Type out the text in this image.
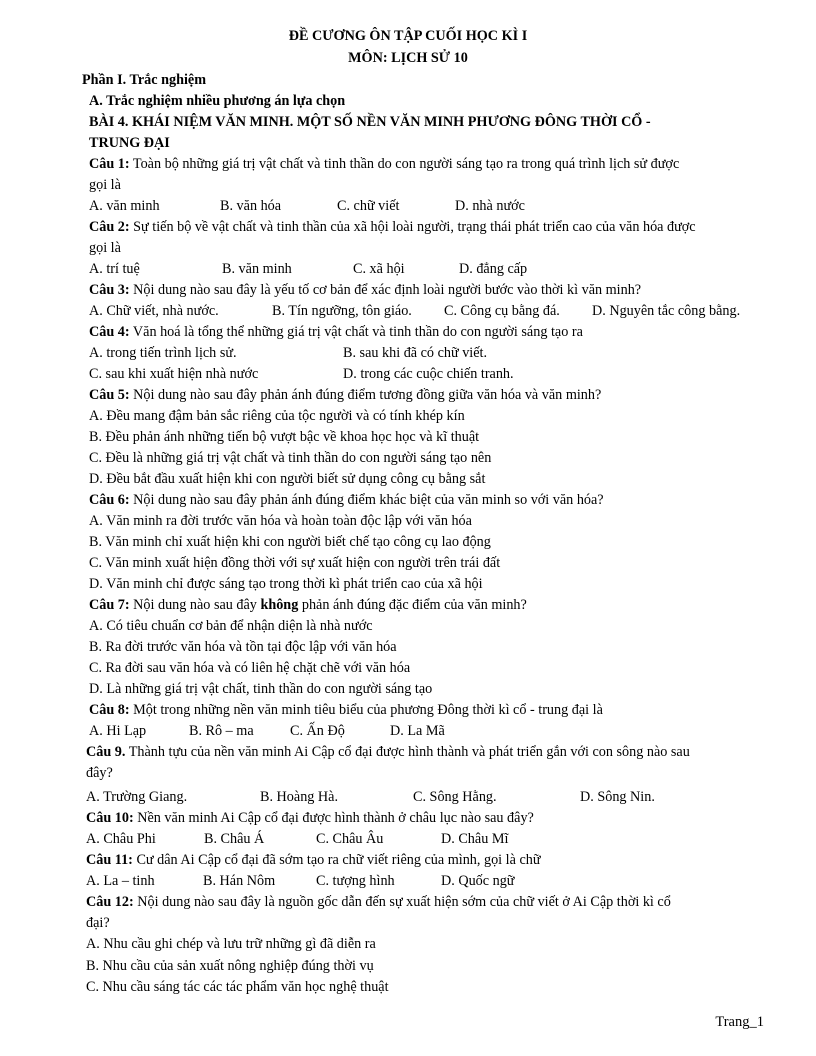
ĐỀ CƯƠNG ÔN TẬP CUỐI HỌC KÌ I
MÔN: LỊCH SỬ 10
Phần I. Trắc nghiệm
A. Trắc nghiệm nhiều phương án lựa chọn
BÀI 4. KHÁI NIỆM VĂN MINH. MỘT SỐ NỀN VĂN MINH PHƯƠNG ĐÔNG THỜI CỔ -
TRUNG ĐẠI
Câu 1: Toàn bộ những giá trị vật chất và tinh thần do con người sáng tạo ra trong quá trình lịch sử được
gọi là
A. văn minh	B. văn hóa	C. chữ viết	D. nhà nước
Câu 2: Sự tiến bộ về vật chất và tinh thần của xã hội loài người, trạng thái phát triển cao của văn hóa được
gọi là
A. trí tuệ	B. văn minh	C. xã hội	D. đẳng cấp
Câu 3: Nội dung nào sau đây là yếu tố cơ bản để xác định loài người bước vào thời kì văn minh?
A. Chữ viết, nhà nước.	B. Tín ngưỡng, tôn giáo. C. Công cụ bằng đá. D. Nguyên tắc công bằng.
Câu 4: Văn hoá là tổng thể những giá trị vật chất và tinh thần do con người sáng tạo ra
A. trong tiến trình lịch sử.	B. sau khi đã có chữ viết.
C. sau khi xuất hiện nhà nước	D. trong các cuộc chiến tranh.
Câu 5: Nội dung nào sau đây phản ánh đúng điểm tương đồng giữa văn hóa và văn minh?
A. Đều mang đậm bản sắc riêng của tộc người và có tính khép kín
B. Đều phản ánh những tiến bộ vượt bậc về khoa học học và kĩ thuật
C. Đều là những giá trị vật chất và tinh thần do con người sáng tạo nên
D. Đều bắt đầu xuất hiện khi con người biết sử dụng công cụ bằng sắt
Câu 6: Nội dung nào sau đây phản ánh đúng điểm khác biệt của văn minh so với văn hóa?
A. Văn minh ra đời trước văn hóa và hoàn toàn độc lập với văn hóa
B. Văn minh chỉ xuất hiện khi con người biết chế tạo công cụ lao động
C. Văn minh xuất hiện đồng thời với sự xuất hiện con người trên trái đất
D. Văn minh chỉ được sáng tạo trong thời kì phát triển cao của xã hội
Câu 7: Nội dung nào sau đây không phản ánh đúng đặc điểm của văn minh?
A. Có tiêu chuẩn cơ bản để nhận diện là nhà nước
B. Ra đời trước văn hóa và tồn tại độc lập với văn hóa
C. Ra đời sau văn hóa và có liên hệ chặt chẽ với văn hóa
D. Là những giá trị vật chất, tinh thần do con người sáng tạo
Câu 8: Một trong những nền văn minh tiêu biểu của phương Đông thời kì cổ - trung đại là
A. Hi Lạp	B. Rô – ma	C. Ấn Độ	D. La Mã
Câu 9. Thành tựu của nền văn minh Ai Cập cổ đại được hình thành và phát triển gắn với con sông nào sau
đây?
A. Trường Giang.	B. Hoàng Hà.	C. Sông Hằng.	D. Sông Nin.
Câu 10: Nền văn minh Ai Cập cổ đại được hình thành ở châu lục nào sau đây?
A. Châu Phi	B. Châu Á	C. Châu Âu	D. Châu Mĩ
Câu 11: Cư dân Ai Cập cổ đại đã sớm tạo ra chữ viết riêng của mình, gọi là chữ
A. La – tinh	B. Hán Nôm	C. tượng hình	D. Quốc ngữ
Câu 12: Nội dung nào sau đây là nguồn gốc dẫn đến sự xuất hiện sớm của chữ viết ở Ai Cập thời kì cổ
đại?
A. Nhu cầu ghi chép và lưu trữ những gì đã diễn ra
B. Nhu cầu của sản xuất nông nghiệp đúng thời vụ
C. Nhu cầu sáng tác các tác phẩm văn học nghệ thuật
Trang_1
